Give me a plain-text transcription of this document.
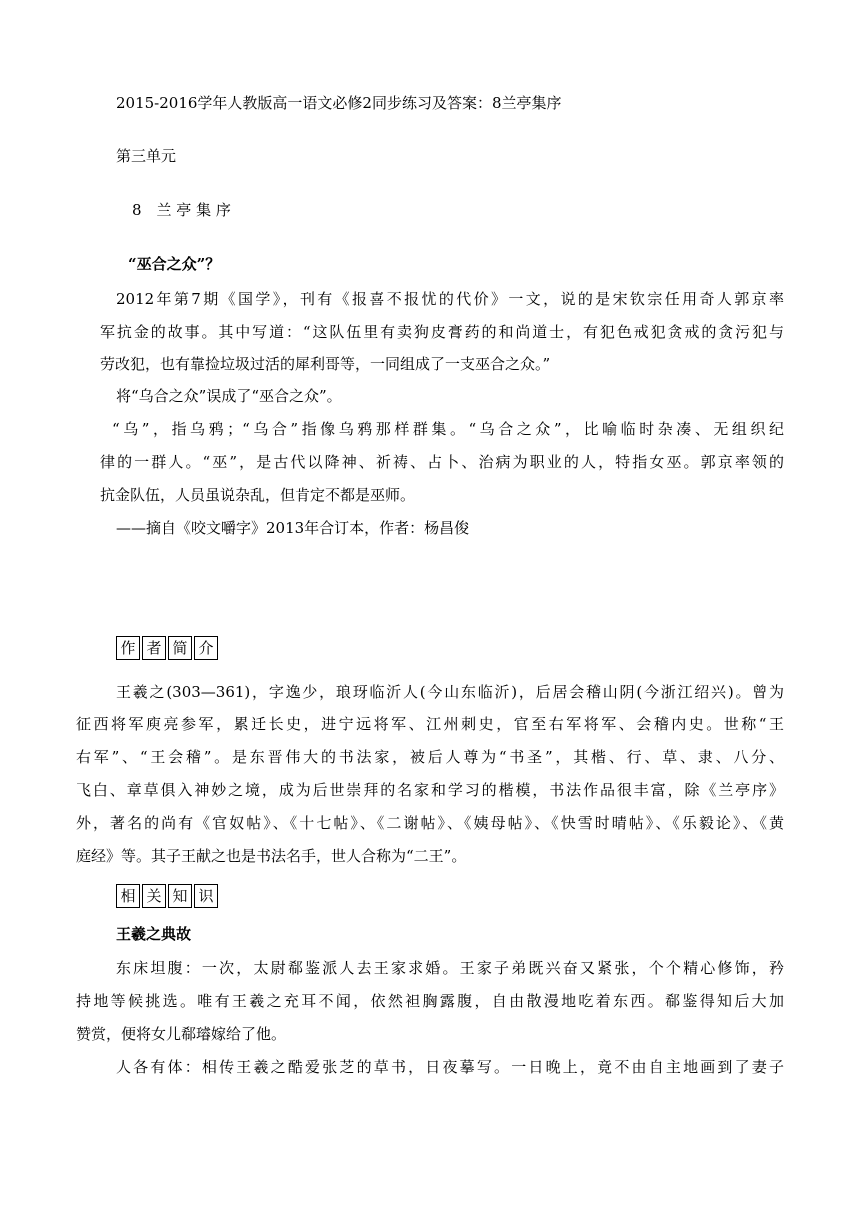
2015-2016学年人教版高一语文必修2同步练习及答案：8兰亭集序
第三单元
8　兰 亭 集 序
“巫合之众”？
2012年第7期《国学》，刊有《报喜不报忧的代价》一文，说的是宋钦宗任用奇人郭京率
军抗金的故事。其中写道：“这队伍里有卖狗皮膏药的和尚道士，有犯色戒犯贪戒的贪污犯与
劳改犯，也有靠捡垃圾过活的犀利哥等，一同组成了一支巫合之众。”
将“乌合之众”误成了“巫合之众”。
“乌”，指乌鸦；“乌合”指像乌鸦那样群集。“乌合之众”，比喻临时杂凑、无组织纪
律的一群人。“巫”，是古代以降神、祈祷、占卜、治病为职业的人，特指女巫。郭京率领的
抗金队伍，人员虽说杂乱，但肯定不都是巫师。
——摘自《咬文嚼字》2013年合订本，作者：杨昌俊
作 者 简 介
王羲之(303—361)，字逸少，琅玡临沂人(今山东临沂)，后居会稽山阴(今浙江绍兴)。曾为
征西将军庾亮参军，累迁长史，进宁远将军、江州刺史，官至右军将军、会稽内史。世称“王
右军”、“王会稽”。是东晋伟大的书法家，被后人尊为“书圣”，其楷、行、草、隶、八分、
飞白、章草俱入神妙之境，成为后世崇拜的名家和学习的楷模，书法作品很丰富，除《兰亭序》
外，著名的尚有《官奴帖》、《十七帖》、《二谢帖》、《姨母帖》、《快雪时晴帖》、《乐毅论》、《黄
庭经》等。其子王献之也是书法名手，世人合称为“二王”。
相 关 知 识
王羲之典故
东床坦腹：一次，太尉郗鉴派人去王家求婚。王家子弟既兴奋又紧张，个个精心修饰，矜
持地等候挑选。唯有王羲之充耳不闻，依然袒胸露腹，自由散漫地吃着东西。郗鉴得知后大加
赞赏，便将女儿郗璿嫁给了他。
人各有体：相传王羲之酷爱张芝的草书，日夜摹写。一日晚上，竟不由自主地画到了妻子
